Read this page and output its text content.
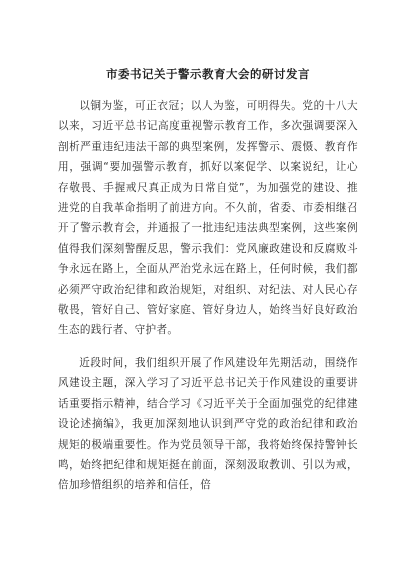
市委书记关于警示教育大会的研讨发言

以铜为鉴，可正衣冠；以人为鉴，可明得失。党的十八大以来，习近平总书记高度重视警示教育工作，多次强调要深入剖析严重违纪违法干部的典型案例，发挥警示、震慑、教育作用，强调“要加强警示教育，抓好以案促学、以案说纪，让心存敬畏、手握戒尺真正成为日常自觉”，为加强党的建设、推进党的自我革命指明了前进方向。不久前，省委、市委相继召开了警示教育会，并通报了一批违纪违法典型案例，这些案例值得我们深刻警醒反思，警示我们：党风廉政建设和反腐败斗争永远在路上，全面从严治党永远在路上，任何时候，我们都必须严守政治纪律和政治规矩，对组织、对纪法、对人民心存敬畏，管好自己、管好家庭、管好身边人，始终当好良好政治生态的践行者、守护者。

近段时间，我们组织开展了作风建设年先期活动，围绕作风建设主题，深入学习了习近平总书记关于作风建设的重要讲话重要指示精神，结合学习《习近平关于全面加强党的纪律建设论述摘编》，我更加深刻地认识到严守党的政治纪律和政治规矩的极端重要性。作为党员领导干部，我将始终保持警钟长鸣，始终把纪律和规矩挺在前面，深刻汲取教训、引以为戒，倍加珍惜组织的培养和信任，倍
